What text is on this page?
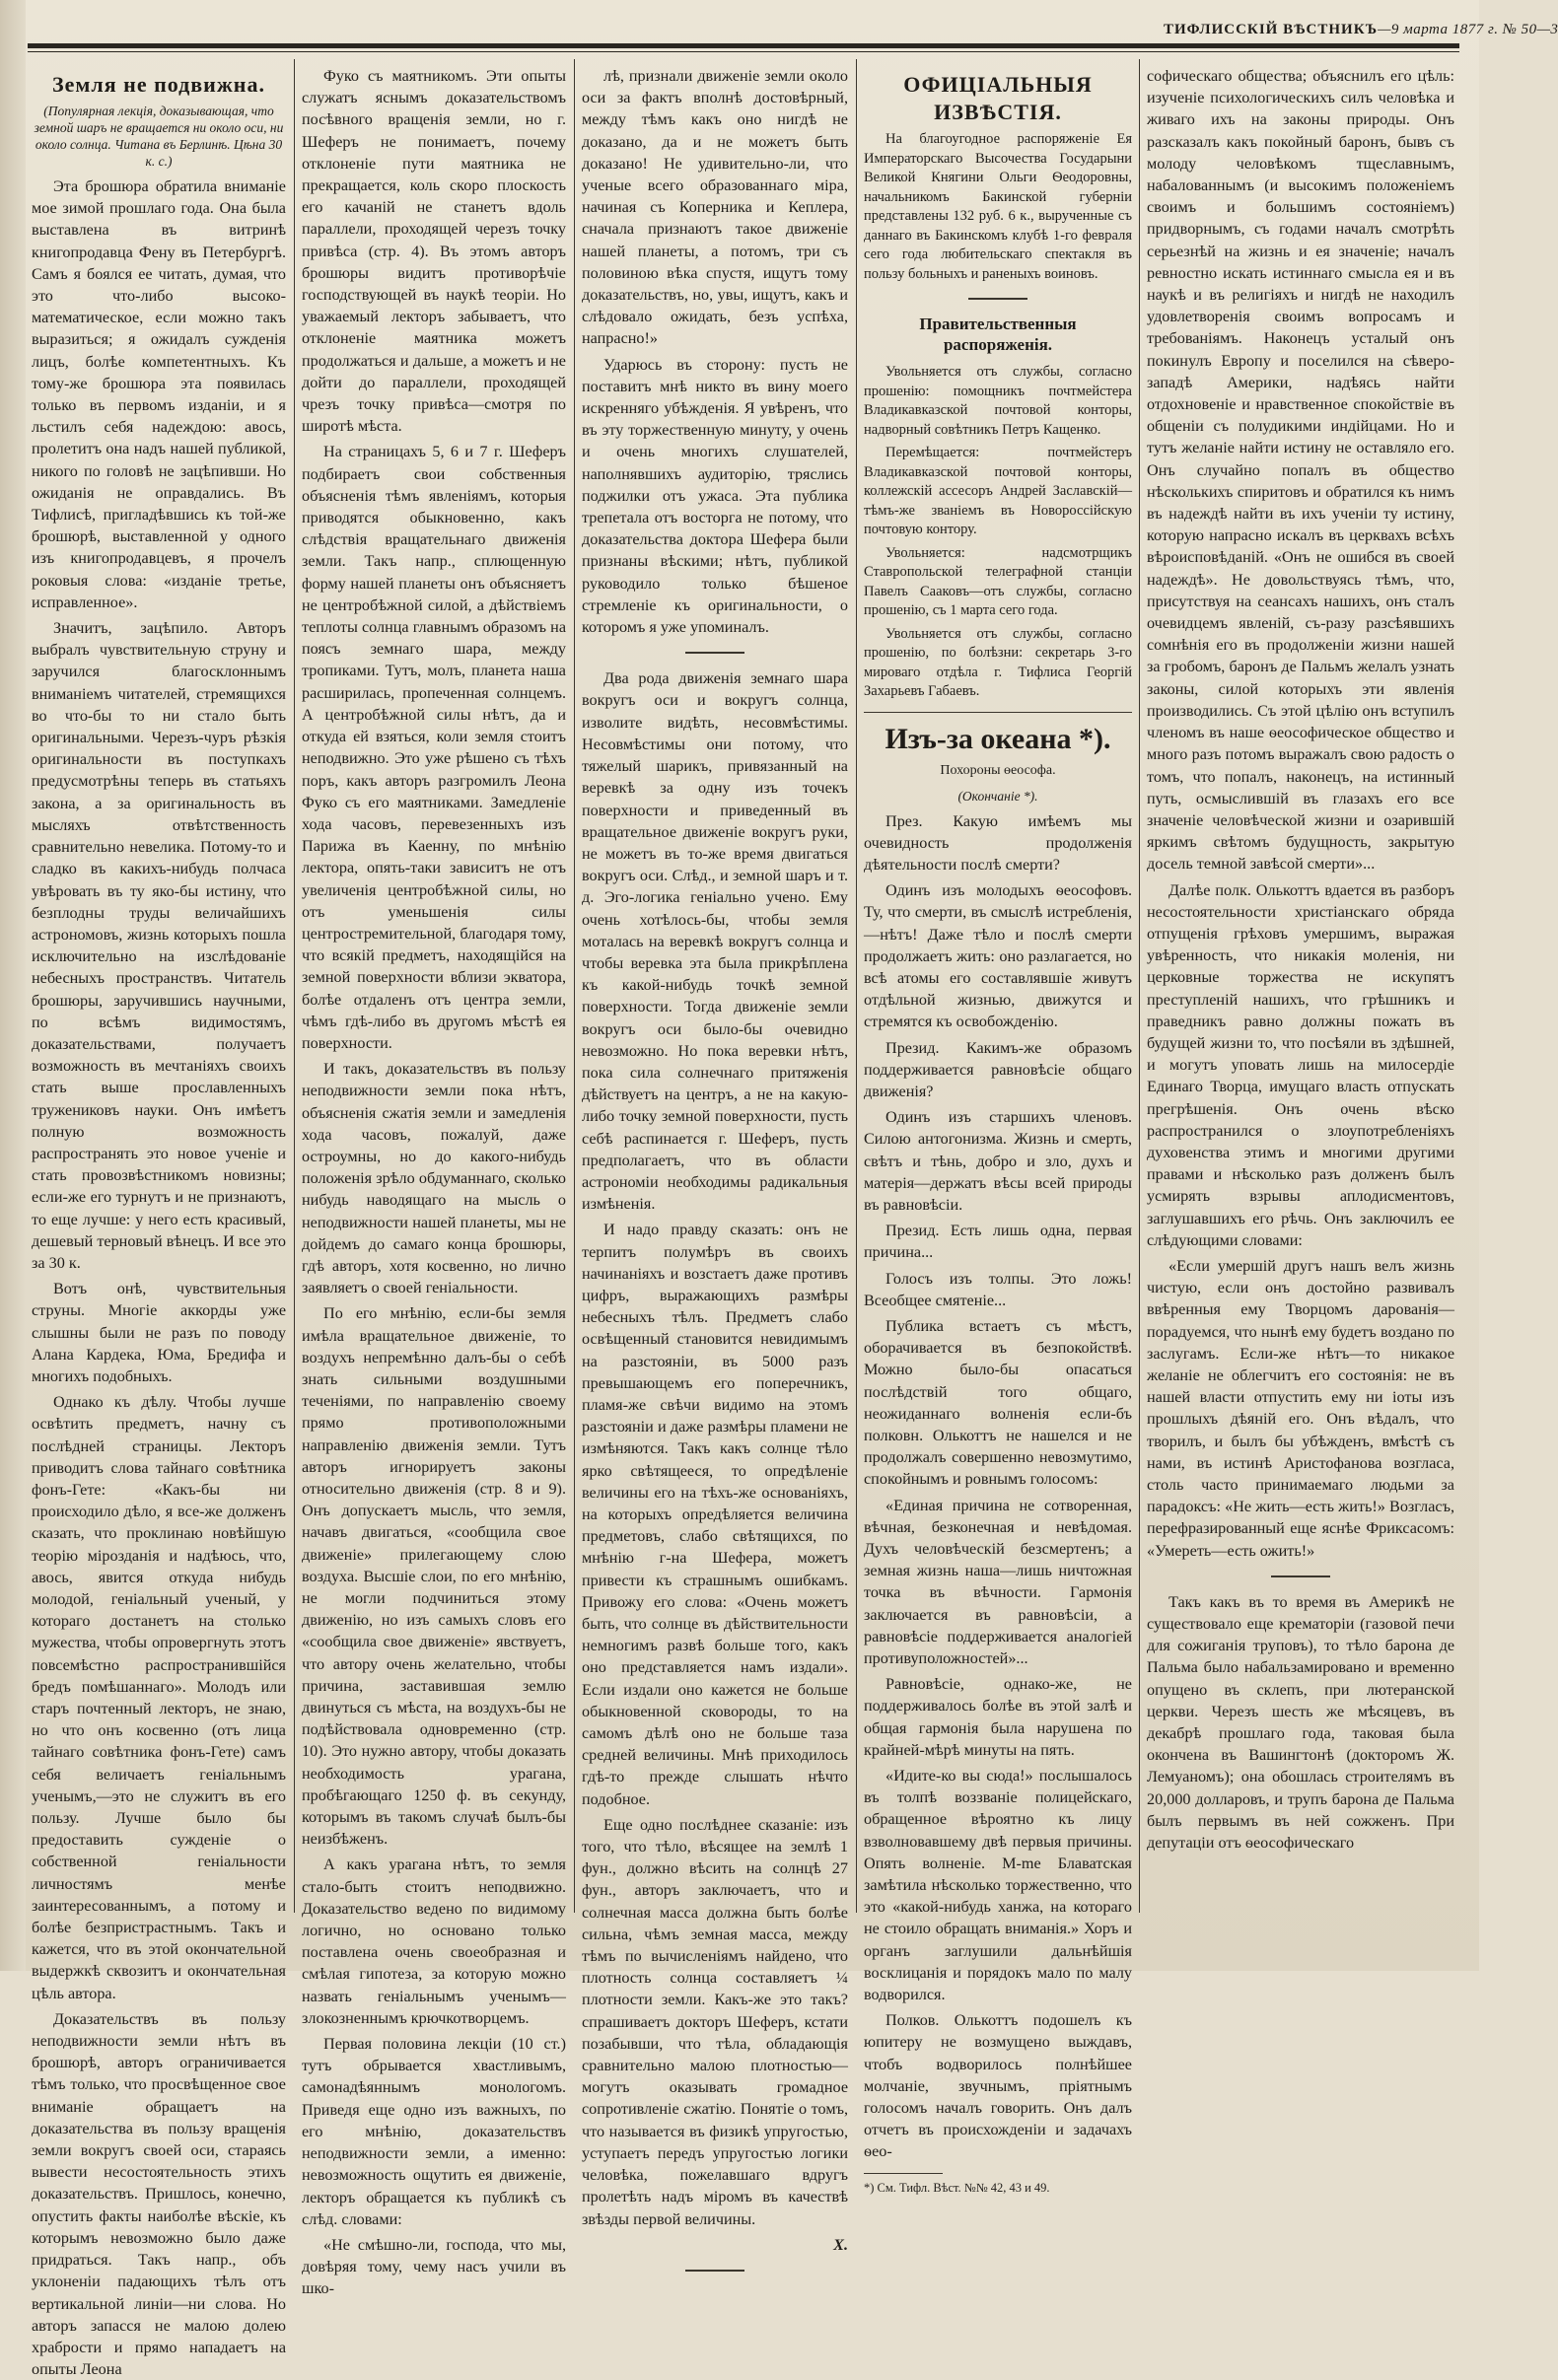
ТИФЛИССКІЙ ВѢСТНИКЪ—9 марта 1877 г. № 50—3
Земля не подвижна.
(Популярная лекція, доказывающая, что земной шаръ не вращается ни около оси, ни около солнца. Читана въ Берлинѣ. Цѣна 30 к. с.)

Эта брошюра обратила вниманіе мое зимой прошлаго года. Она была выставлена въ витринѣ книгопродавца Фену въ Петербургѣ. Самъ я боялся ее читать, думая, что это что-либо высоко-математическое, если можно такъ выразиться; я ожидалъ сужденія лицъ, болѣе компетентныхъ. Къ тому-же брошюра эта появилась только въ первомъ изданіи, и я льстилъ себя надеждою: авось, пролетитъ она надъ нашей публикой, никого по головѣ не зацѣпивши. Но ожиданія не оправдались. Въ Тифлисѣ, пригладѣвшись къ той-же брошюрѣ, выставленной у одного изъ книгопродавцевъ, я прочелъ роковыя слова: «изданіе третье, исправленное».

Значитъ, зацѣпило. Авторъ выбралъ чувствительную струну и заручился благосклоннымъ вниманіемъ читателей, стремящихся во что-бы то ни стало быть оригинальными. Черезъ-чуръ рѣзкія оригинальности въ поступкахъ предусмотрѣны теперь въ статьяхъ закона, а за оригинальность въ мысляхъ отвѣтственность сравнительно невелика. Потому-то и сладко въ какихъ-нибудь полчаса увѣровать въ ту яко-бы истину, что безплодны труды величайшихъ астрономовъ, жизнь которыхъ пошла исключительно на изслѣдованіе небесныхъ пространствъ. Читатель брошюры, заручившись научными, по всѣмъ видимостямъ, доказательствами, получаетъ возможность въ мечтаніяхъ своихъ стать выше прославленныхъ тружениковъ науки. Онъ имѣетъ полную возможность распространять это новое ученіе и стать провозвѣстникомъ новизны; если-же его турнутъ и не признаютъ, то еще лучше: у него есть красивый, дешевый терновый вѣнецъ. И все это за 30 к.

Вотъ онѣ, чувствительныя струны. Многіе аккорды уже слышны были не разъ по поводу Алана Кардека, Юма, Бредифа и многихъ подобныхъ.

Однако къ дѣлу. Чтобы лучше освѣтить предметъ, начну съ послѣдней страницы. Лекторъ приводитъ слова тайнаго совѣтника фонъ-Гете: «Какъ-бы ни происходило дѣло, я все-же долженъ сказать, что проклинаю новѣйшую теорію мірозданія и надѣюсь, что, авось, явится откуда нибудь молодой, геніальный ученый, у котораго достанетъ на столько мужества, чтобы опровергнуть этотъ повсемѣстно распространившійся бредъ помѣшаннаго». Молодъ или старъ почтенный лекторъ, не знаю, но что онъ косвенно (отъ лица тайнаго совѣтника фонъ-Гете) самъ себя величаетъ геніальнымъ ученымъ,—это не служитъ въ его пользу. Лучше было бы предоставить сужденіе о собственной геніальности личностямъ менѣе заинтересованнымъ, а потому и болѣе безпристрастнымъ. Такъ и кажется, что въ этой окончательной выдержкѣ сквозитъ и окончательная цѣль автора.

Доказательствъ въ пользу неподвижности земли нѣтъ въ брошюрѣ, авторъ ограничивается тѣмъ только, что просвѣщенное свое вниманіе обращаетъ на доказательства въ пользу вращенія земли вокругъ своей оси, стараясь вывести несостоятельность этихъ доказательствъ. Пришлось, конечно, опустить факты наиболѣе вѣскіе, къ которымъ невозможно было даже придраться. Такъ напр., объ уклоненіи падающихъ тѣлъ отъ вертикальной линіи—ни слова. Но авторъ запасся не малою долею храбрости и прямо нападаетъ на опыты Леона

Фуко съ маятникомъ. Эти опыты служатъ яснымъ доказательствомъ посѣвного вращенія земли, но г. Шеферъ не понимаетъ, почему отклоненіе пути маятника не прекращается, коль скоро плоскость его качаній не станетъ вдоль параллели, проходящей черезъ точку привѣса (стр. 4). Въ этомъ авторъ брошюры видитъ противорѣчіе господствующей въ наукѣ теоріи. Но уважаемый лекторъ забываетъ, что отклоненіе маятника можетъ продолжаться и дальше, а можетъ и не дойти до параллели, проходящей чрезъ точку привѣса—смотря по широтѣ мѣста.

На страницахъ 5, 6 и 7 г. Шеферъ подбираетъ свои собственныя объясненія тѣмъ явленіямъ, которыя приводятся обыкновенно, какъ слѣдствія вращательнаго движенія земли. Такъ напр., сплющенную форму нашей планеты онъ объясняетъ не центробѣжной силой, а дѣйствіемъ теплоты солнца главнымъ образомъ на поясъ земнаго шара, между тропиками. Тутъ, молъ, планета наша расширилась, пропеченная солнцемъ. А центробѣжной силы нѣтъ, да и откуда ей взяться, коли земля стоитъ неподвижно. Это уже рѣшено съ тѣхъ поръ, какъ авторъ разгромилъ Леона Фуко съ его маятниками. Замедленіе хода часовъ, перевезенныхъ изъ Парижа въ Каенну, по мнѣнію лектора, опять-таки зависитъ не отъ увеличенія центробѣжной силы, но отъ уменьшенія силы центростремительной, благодаря тому, что всякій предметъ, находящійся на земной поверхности вблизи экватора, болѣе отдаленъ отъ центра земли, чѣмъ гдѣ-либо въ другомъ мѣстѣ ея поверхности.

И такъ, доказательствъ въ пользу неподвижности земли пока нѣтъ, объясненія сжатія земли и замедленія хода часовъ, пожалуй, даже остроумны, но до какого-нибудь положенія зрѣло обдуманнаго, сколько нибудь наводящаго на мысль о неподвижности нашей планеты, мы не дойдемъ до самаго конца брошюры, гдѣ авторъ, хотя косвенно, но лично заявляетъ о своей геніальности.

По его мнѣнію, если-бы земля имѣла вращательное движеніе, то воздухъ непремѣнно далъ-бы о себѣ знать сильными воздушными теченіями, по направленію своему прямо противоположными направленію движенія земли. Тутъ авторъ игнорируетъ законы относительно движенія (стр. 8 и 9). Онъ допускаетъ мысль, что земля, начавъ двигаться, «сообщила свое движеніе» прилегающему слою воздуха. Высшіе слои, по его мнѣнію, не могли подчиниться этому движенію, но изъ самыхъ словъ его «сообщила свое движеніе» явствуетъ, что автору очень желательно, чтобы причина, заставившая землю двинуться съ мѣста, на воздухъ-бы не подѣйствовала одновременно (стр. 10). Это нужно автору, чтобы доказать необходимость урагана, пробѣгающаго 1250 ф. въ секунду, которымъ въ такомъ случаѣ былъ-бы неизбѣженъ.

А какъ урагана нѣтъ, то земля стало-быть стоитъ неподвижно. Доказательство ведено по видимому логично, но основано только поставлена очень своеобразная и смѣлая гипотеза, за которую можно назвать геніальнымъ ученымъ—злокозненнымъ крючкотворцемъ.

Первая половина лекціи (10 ст.) тутъ обрывается хвастливымъ, самонадѣяннымъ монологомъ. Приведя еще одно изъ важныхъ, по его мнѣнію, доказательствъ неподвижности земли, а именно: невозможность ощутить ея движеніе, лекторъ обращается къ публикѣ съ слѣд. словами:

«Не смѣшно-ли, господа, что мы, довѣряя тому, чему насъ учили въ шко-

лѣ, признали движеніе земли около оси за фактъ вполнѣ достовѣрный, между тѣмъ какъ оно нигдѣ не доказано, да и не можетъ быть доказано! Не удивительно-ли, что ученые всего образованнаго міра, начиная съ Коперника и Кеплера, сначала признаютъ такое движеніе нашей планеты, а потомъ, три съ половиною вѣка спустя, ищутъ тому доказательствъ, но, увы, ищутъ, какъ и слѣдовало ожидать, безъ успѣха, напрасно!»

Ударюсь въ сторону: пусть не поставитъ мнѣ никто въ вину моего искренняго убѣжденія. Я увѣренъ, что въ эту торжественную минуту, у очень и очень многихъ слушателей, наполнявшихъ аудиторію, тряслись поджилки отъ ужаса. Эта публика трепетала отъ восторга не потому, что доказательства доктора Шефера были признаны вѣскими; нѣтъ, публикой руководило только бѣшеное стремленіе къ оригинальности, о которомъ я уже упоминалъ.

Два рода движенія земнаго шара вокругъ оси и вокругъ солнца, изволите видѣть, несовмѣстимы. Несовмѣстимы они потому, что тяжелый шарикъ, привязанный на веревкѣ за одну изъ точекъ поверхности и приведенный въ вращательное движеніе вокругъ руки, не можетъ въ то-же время двигаться вокругъ оси. Слѣд., и земной шаръ и т. д. Эго-логика геніально учено. Ему очень хотѣлось-бы, чтобы земля моталась на веревкѣ вокругъ солнца и чтобы веревка эта была прикрѣплена къ какой-нибудь точкѣ земной поверхности. Тогда движеніе земли вокругъ оси было-бы очевидно невозможно. Но пока веревки нѣтъ, пока сила солнечнаго притяженія дѣйствуетъ на центръ, а не на какую-либо точку земной поверхности, пусть себѣ распинается г. Шеферъ, пусть предполагаетъ, что въ области астрономіи необходимы радикальныя измѣненія.

И надо правду сказать: онъ не терпитъ полумѣръ въ своихъ начинаніяхъ и возстаетъ даже противъ цифръ, выражающихъ размѣры небесныхъ тѣлъ. Предметъ слабо освѣщенный становится невидимымъ на разстояніи, въ 5000 разъ превышающемъ его поперечникъ, пламя-же свѣчи видимо на этомъ разстояніи и даже размѣры пламени не измѣняются. Такъ какъ солнце тѣло ярко свѣтящееся, то опредѣленіе величины его на тѣхъ-же основаніяхъ, на которыхъ опредѣляется величина предметовъ, слабо свѣтящихся, по мнѣнію г-на Шефера, можетъ привести къ страшнымъ ошибкамъ. Привожу его слова: «Очень можетъ быть, что солнце въ дѣйствительности немногимъ развѣ больше того, какъ оно представляется намъ издали». Если издали оно кажется не больше обыкновенной сковороды, то на самомъ дѣлѣ оно не больше таза средней величины. Мнѣ приходилось гдѣ-то прежде слышать нѣчто подобное.

Еще одно послѣднее сказаніе: изъ того, что тѣло, вѣсящее на землѣ 1 фун., должно вѣсить на солнцѣ 27 фун., авторъ заключаетъ, что и солнечная масса должна быть болѣе сильна, чѣмъ земная масса, между тѣмъ по вычисленіямъ найдено, что плотность солнца составляетъ ¼ плотности земли. Какъ-же это такъ? спрашиваетъ докторъ Шеферъ, кстати позабывши, что тѣла, обладающія сравнительно малою плотностью—могутъ оказывать громадное сопротивленіе сжатію. Понятіе о томъ, что называется въ физикѣ упругостью, уступаетъ передъ упругостью логики человѣка, пожелавшаго вдругъ пролетѣть надъ міромъ въ качествѣ звѣзды первой величины.

X.
ОФИЦІАЛЬНЫЯ ИЗВѢСТІЯ.

На благоугодное распоряженіе Ея Императорскаго Высочества Государыни Великой Княгини Ольги Ѳеодоровны, начальникомъ Бакинской губерніи представлены 132 руб. 6 к., вырученные съ даннаго въ Бакинскомъ клубѣ 1-го февраля сего года любительскаго спектакля въ пользу больныхъ и раненыхъ воиновъ.

Правительственныя распоряженія.

Увольняется отъ службы, согласно прошенію: помощникъ почтмейстера Владикавказской почтовой конторы, надворный совѣтникъ Петръ Кащенко.

Перемѣщается: почтмейстеръ Владикавказской почтовой конторы, коллежскій ассесоръ Андрей Заславскій—тѣмъ-же званіемъ въ Новороссійскую почтовую контору.

Увольняется: надсмотрщикъ Ставропольской телеграфной станціи Павелъ Сааковъ—отъ службы, согласно прошенію, съ 1 марта сего года.

Увольняется отъ службы, согласно прошенію, по болѣзни: секретарь 3-го мироваго отдѣла г. Тифлиса Георгій Захарьевъ Габаевъ.

Изъ-за океана *).
Похороны ѳеософа.
(Окончаніе *).

През. Какую имѣемъ мы очевидность продолженія дѣятельности послѣ смерти?

Одинъ изъ молодыхъ ѳеософовъ. Ту, что смерти, въ смыслѣ истребленія,—нѣтъ! Даже тѣло и послѣ смерти продолжаетъ жить: оно разлагается, но всѣ атомы его составлявшіе живутъ отдѣльной жизнью, движутся и стремятся къ освобожденію.

Презид. Какимъ-же образомъ поддерживается равновѣсіе общаго движенія?

Одинъ изъ старшихъ членовъ. Силою антогонизма. Жизнь и смерть, свѣтъ и тѣнь, добро и зло, духъ и матерія—держатъ вѣсы всей природы въ равновѣсіи.

Презид. Есть лишь одна, первая причина...

Голосъ изъ толпы. Это ложь! Всеобщее смятеніе...

Публика встаетъ съ мѣстъ, оборачивается въ безпокойствѣ. Можно было-бы опасаться послѣдствій того общаго, неожиданнаго волненія если-бъ полковн. Олькоттъ не нашелся и не продолжалъ совершенно невозмутимо, спокойнымъ и ровнымъ голосомъ:

«Единая причина не сотворенная, вѣчная, безконечная и невѣдомая. Духъ человѣческій безсмертенъ; а земная жизнь наша—лишь ничтожная точка въ вѣчности. Гармонія заключается въ равновѣсіи, а равновѣсіе поддерживается аналогіей противуположностей»...

Равновѣсіе, однако-же, не поддерживалось болѣе въ этой залѣ и общая гармонія была нарушена по крайней-мѣрѣ минуты на пять.

«Идите-ко вы сюда!» послышалось въ толпѣ воззваніе полицейскаго, обращенное вѣроятно къ лицу взволновавшему двѣ первыя причины. Опять волненіе. M-me Блаватская замѣтила нѣсколько торжественно, что это «какой-нибудь ханжа, на котораго не стоило обращать вниманія.» Хоръ и органъ заглушили дальнѣйшія восклицанія и порядокъ мало по малу водворился.

Полков. Олькоттъ подошелъ къ юпитеру не возмущено выждавъ, чтобъ водворилось полнѣйшее молчаніе, звучнымъ, пріятнымъ голосомъ началъ говорить. Онъ далъ отчетъ въ происхожденіи и задачахъ ѳео-

*) См. Тифл. Вѣст. №№ 42, 43 и 49.

софическаго общества; объяснилъ его цѣль: изученіе психологическихъ силъ человѣка и живаго ихъ на законы природы. Онъ разсказалъ какъ покойный баронъ, бывъ съ молоду человѣкомъ тщеславнымъ, набалованнымъ (и высокимъ положеніемъ своимъ и большимъ состояніемъ) придворнымъ, съ годами началъ смотрѣть серьезнѣй на жизнь и ея значеніе; началъ ревностно искать истиннаго смысла ея и въ наукѣ и въ религіяхъ и нигдѣ не находилъ удовлетворенія своимъ вопросамъ и требованіямъ. Наконецъ усталый онъ покинулъ Европу и поселился на сѣверо-западѣ Америки, надѣясь найти отдохновеніе и нравственное спокойствіе въ общеніи съ полудикими индійцами. Но и тутъ желаніе найти истину не оставляло его. Онъ случайно попалъ въ общество нѣсколькихъ спиритовъ и обратился къ нимъ въ надеждѣ найти въ ихъ ученіи ту истину, которую напрасно искалъ въ церквахъ всѣхъ вѣроисповѣданій. «Онъ не ошибся въ своей надеждѣ». Не довольствуясь тѣмъ, что, присутствуя на сеансахъ нашихъ, онъ сталъ очевидцемъ явленій, съ-разу разсѣявшихъ сомнѣнія его въ продолженіи жизни нашей за гробомъ, баронъ де Пальмъ желалъ узнать законы, силой которыхъ эти явленія производились. Съ этой цѣлію онъ вступилъ членомъ въ наше ѳеософическое общество и много разъ потомъ выражалъ свою радость о томъ, что попалъ, наконецъ, на истинный путь, осмыслившій въ глазахъ его все значеніе человѣческой жизни и озарившій яркимъ свѣтомъ будущность, закрытую досель темной завѣсой смерти»...

Далѣе полк. Олькоттъ вдается въ разборъ несостоятельности христіанскаго обряда отпущенія грѣховъ умершимъ, выражая увѣренность, что никакія моленія, ни церковные торжества не искупятъ преступленій нашихъ, что грѣшникъ и праведникъ равно должны пожать въ будущей жизни то, что посѣяли въ здѣшней, и могутъ уповать лишь на милосердіе Единаго Творца, имущаго власть отпускать прегрѣшенія. Онъ очень вѣско распространился о злоупотребленіяхъ духовенства этимъ и многими другими правами и нѣсколько разъ долженъ былъ усмирять взрывы аплодисментовъ, заглушавшихъ его рѣчь. Онъ заключилъ ее слѣдующими словами:

«Если умершій другъ нашъ велъ жизнь чистую, если онъ достойно развивалъ ввѣренныя ему Творцомъ дарованія—порадуемся, что нынѣ ему будетъ воздано по заслугамъ. Если-же нѣтъ—то никакое желаніе не облегчитъ его состоянія: не въ нашей власти отпустить ему ни іоты изъ прошлыхъ дѣяній его. Онъ вѣдалъ, что творилъ, и былъ бы убѣжденъ, вмѣстѣ съ нами, въ истинѣ Аристофанова возгласа, столь часто принимаемаго людьми за парадоксъ: «Не жить—есть жить!» Возгласъ, перефразированный еще яснѣе Фриксасомъ: «Умереть—есть ожить!»

Такъ какъ въ то время въ Америкѣ не существовало еще крематоріи (газовой печи для сожиганія труповъ), то тѣло барона де Пальма было набальзамировано и временно опущено въ склепъ, при лютеранской церкви. Черезъ шесть же мѣсяцевъ, въ декабрѣ прошлаго года, таковая была окончена въ Вашингтонѣ (докторомъ Ж. Лемуаномъ); она обошлась строителямъ въ 20,000 долларовъ, и трупъ барона де Пальма былъ первымъ въ ней сожженъ. При депутаціи отъ ѳеософическаго
